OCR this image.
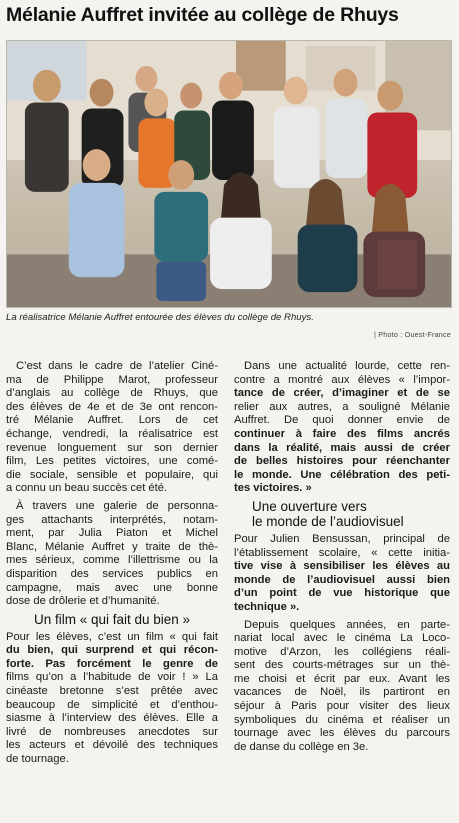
Mélanie Auffret invitée au collège de Rhuys
La réalisatrice Mélanie Auffret entourée des élèves du collège de Rhuys.
| Photo : Ouest-France
C’est dans le cadre de l’atelier Ciné-
ma de Philippe Marot, professeur
d’anglais au collège de Rhuys, que
des élèves de 4e et de 3e ont rencon-
tré Mélanie Auffret. Lors de cet
échange, vendredi, la réalisatrice est
revenue longuement sur son dernier
film, Les petites victoires, une comé-
die sociale, sensible et populaire, qui
a connu un beau succès cet été.
À travers une galerie de personna-
ges attachants interprétés, notam-
ment, par Julia Piaton et Michel
Blanc, Mélanie Auffret y traite de thè-
mes sérieux, comme l’illettrisme ou la
disparition des services publics en
campagne, mais avec une bonne
dose de drôlerie et d’humanité.
Un film « qui fait du bien »
Pour les élèves, c’est un film « qui fait
du bien, qui surprend et qui récon-
forte. Pas forcément le genre de
films qu’on a l’habitude de voir ! » La
cinéaste bretonne s’est prêtée avec
beaucoup de simplicité et d’enthou-
siasme à l’interview des élèves. Elle a
livré de nombreuses anecdotes sur
les acteurs et dévoilé des techniques
de tournage.
Dans une actualité lourde, cette ren-
contre a montré aux élèves « l’impor-
tance de créer, d’imaginer et de se
relier aux autres, a souligné Mélanie
Auffret. De quoi donner envie de
continuer à faire des films ancrés
dans la réalité, mais aussi de créer
de belles histoires pour réenchanter
le monde. Une célébration des peti-
tes victoires. »
Une ouverture vers
le monde de l’audiovisuel
Pour Julien Bensussan, principal de
l’établissement scolaire, « cette initia-
tive vise à sensibiliser les élèves au
monde de l’audiovisuel aussi bien
d’un point de vue historique que
technique ».
Depuis quelques années, en parte-
nariat local avec le cinéma La Loco-
motive d’Arzon, les collégiens réali-
sent des courts-métrages sur un thè-
me choisi et écrit par eux. Avant les
vacances de Noël, ils partiront en
séjour à Paris pour visiter des lieux
symboliques du cinéma et réaliser un
tournage avec les élèves du parcours
de danse du collège en 3e.
